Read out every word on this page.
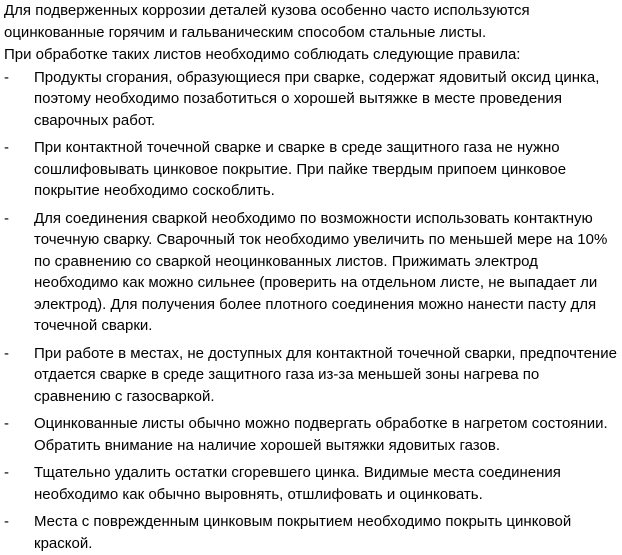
Для подверженных коррозии деталей кузова особенно часто используются оцинкованные горячим и гальваническим способом стальные листы.

При обработке таких листов необходимо соблюдать следующие правила:

- Продукты сгорания, образующиеся при сварке, содержат ядовитый оксид цинка, поэтому необходимо позаботиться о хорошей вытяжке в месте проведения сварочных работ.
- При контактной точечной сварке и сварке в среде защитного газа не нужно сошлифовывать цинковое покрытие. При пайке твердым припоем цинковое покрытие необходимо соскоблить.
- Для соединения сваркой необходимо по возможности использовать контактную точечную сварку. Сварочный ток необходимо увеличить по меньшей мере на 10% по сравнению со сваркой неоцинкованных листов. Прижимать электрод необходимо как можно сильнее (проверить на отдельном листе, не выпадает ли электрод). Для получения более плотного соединения можно нанести пасту для точечной сварки.
- При работе в местах, не доступных для контактной точечной сварки, предпочтение отдается сварке в среде защитного газа из-за меньшей зоны нагрева по сравнению с газосваркой.
- Оцинкованные листы обычно можно подвергать обработке в нагретом состоянии. Обратить внимание на наличие хорошей вытяжки ядовитых газов.
- Тщательно удалить остатки сгоревшего цинка. Видимые места соединения необходимо как обычно выровнять, отшлифовать и оцинковать.
- Места с поврежденным цинковым покрытием необходимо покрыть цинковой краской.
